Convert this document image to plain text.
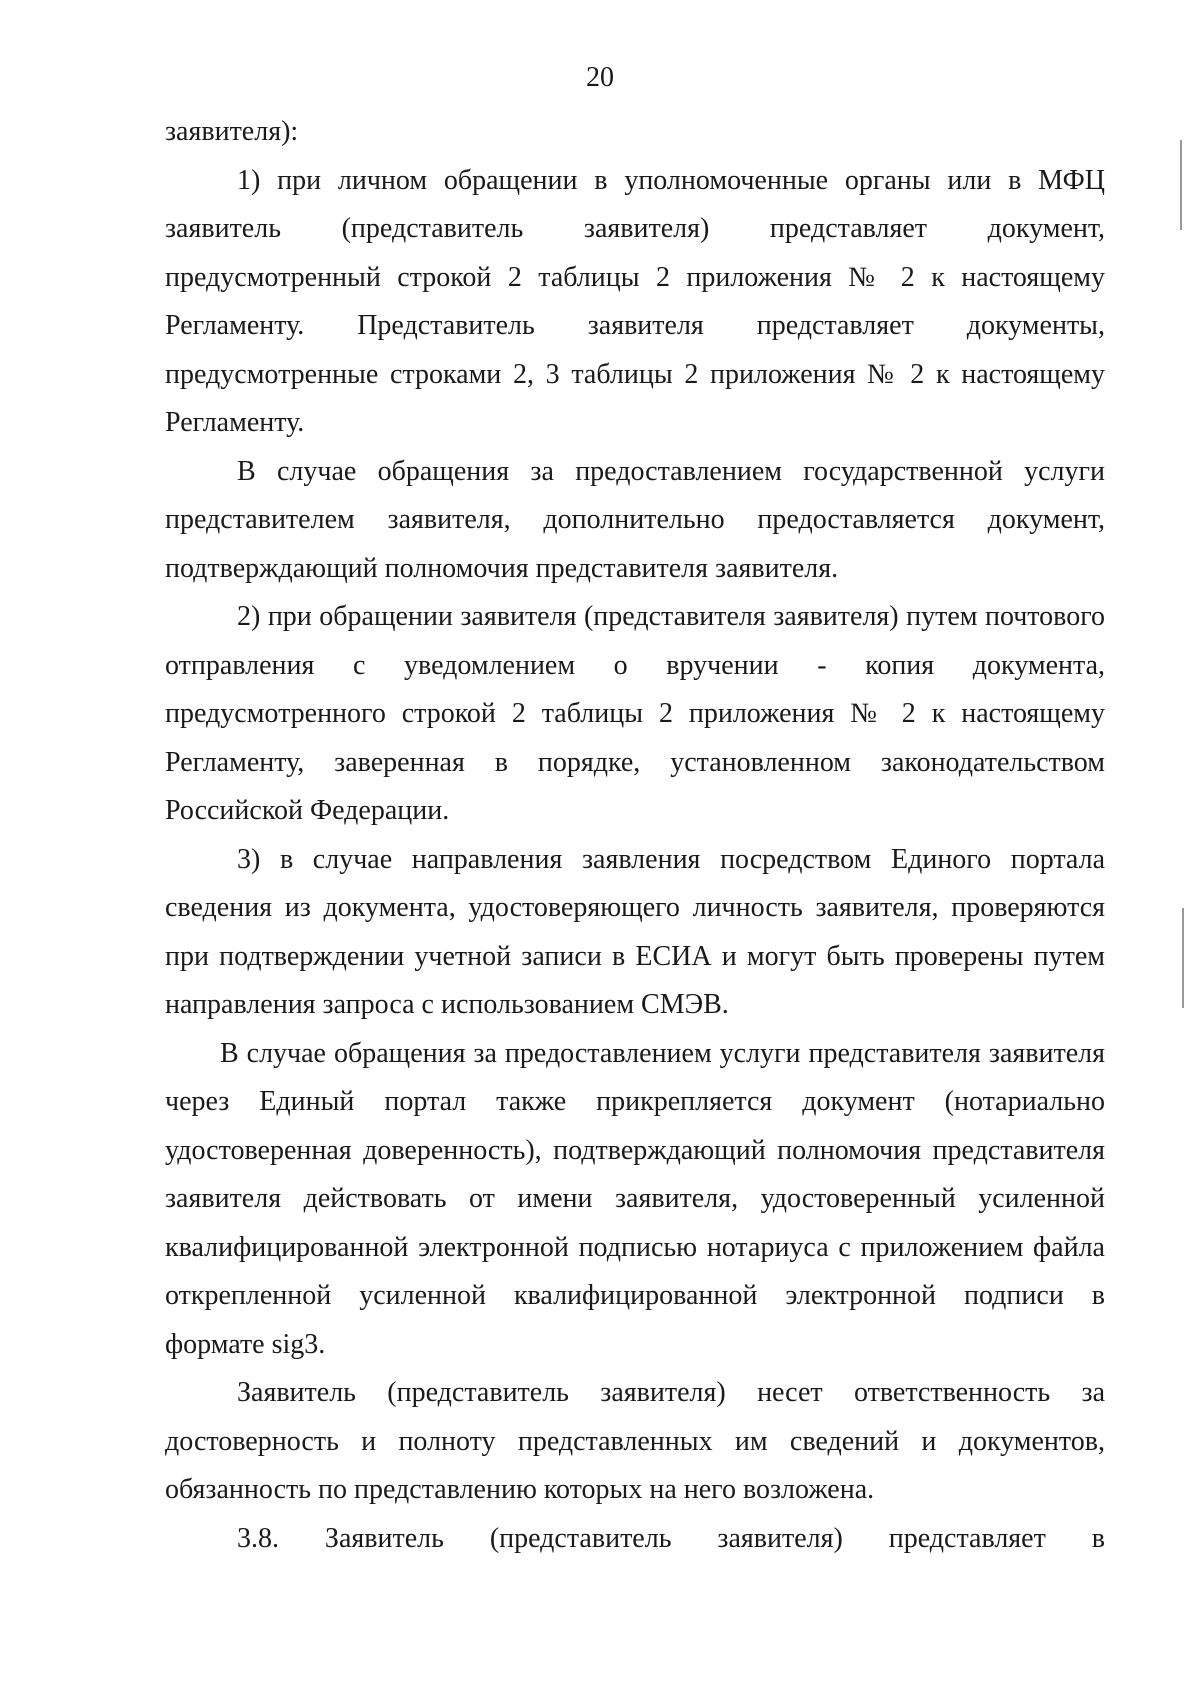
20

заявителя):

1) при личном обращении в уполномоченные органы или в МФЦ заявитель (представитель заявителя) представляет документ, предусмотренный строкой 2 таблицы 2 приложения № 2 к настоящему Регламенту. Представитель заявителя представляет документы, предусмотренные строками 2, 3 таблицы 2 приложения № 2 к настоящему Регламенту.

В случае обращения за предоставлением государственной услуги представителем заявителя, дополнительно предоставляется документ, подтверждающий полномочия представителя заявителя.

2) при обращении заявителя (представителя заявителя) путем почтового отправления с уведомлением о вручении - копия документа, предусмотренного строкой 2 таблицы 2 приложения № 2 к настоящему Регламенту, заверенная в порядке, установленном законодательством Российской Федерации.

3) в случае направления заявления посредством Единого портала сведения из документа, удостоверяющего личность заявителя, проверяются при подтверждении учетной записи в ЕСИА и могут быть проверены путем направления запроса с использованием СМЭВ.

В случае обращения за предоставлением услуги представителя заявителя через Единый портал также прикрепляется документ (нотариально удостоверенная доверенность), подтверждающий полномочия представителя заявителя действовать от имени заявителя, удостоверенный усиленной квалифицированной электронной подписью нотариуса с приложением файла открепленной усиленной квалифицированной электронной подписи в формате sig3.

Заявитель (представитель заявителя) несет ответственность за достоверность и полноту представленных им сведений и документов, обязанность по представлению которых на него возложена.

3.8. Заявитель (представитель заявителя) представляет в
